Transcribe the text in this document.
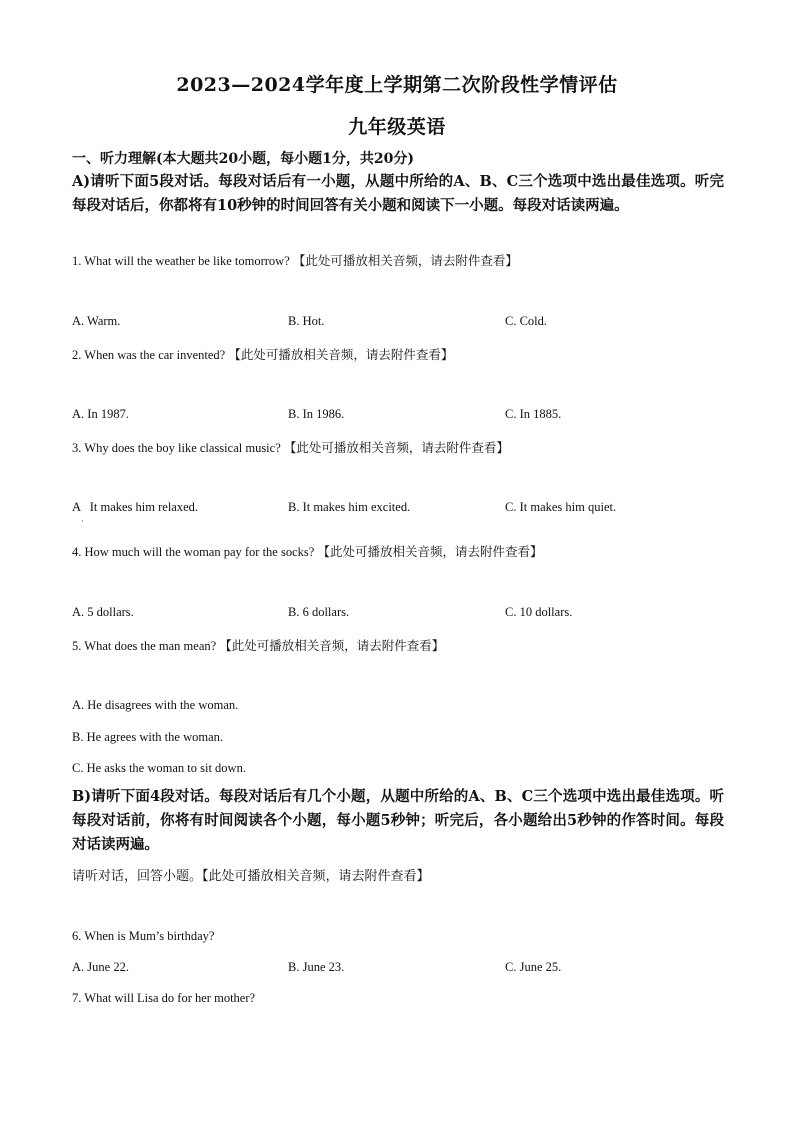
2023—2024学年度上学期第二次阶段性学情评估
九年级英语
一、听力理解(本大题共20小题，每小题1分，共20分)
A)请听下面5段对话。每段对话后有一小题，从题中所给的A、B、C三个选项中选出最佳选项。听完每段对话后，你都将有10秒钟的时间回答有关小题和阅读下一小题。每段对话读两遍。
1. What will the weather be like tomorrow? 【此处可播放相关音频，请去附件查看】
A. Warm.	B. Hot.	C. Cold.
2. When was the car invented? 【此处可播放相关音频，请去附件查看】
A. In 1987.	B. In 1986.	C. In 1885.
3. Why does the boy like classical music? 【此处可播放相关音频，请去附件查看】
A   It makes him relaxed.
·
B. It makes him excited.	C. It makes him quiet.
4. How much will the woman pay for the socks? 【此处可播放相关音频，请去附件查看】
A. 5 dollars.	B. 6 dollars.	C. 10 dollars.
5. What does the man mean? 【此处可播放相关音频，请去附件查看】
A. He disagrees with the woman.
B. He agrees with the woman.
C. He asks the woman to sit down.
B)请听下面4段对话。每段对话后有几个小题，从题中所给的A、B、C三个选项中选出最佳选项。听每段对话前，你将有时间阅读各个小题，每小题5秒钟；听完后，各小题给出5秒钟的作答时间。每段对话读两遍。
请听对话，回答小题。【此处可播放相关音频，请去附件查看】
6. When is Mum’s birthday?
A. June 22.	B. June 23.	C. June 25.
7. What will Lisa do for her mother?
